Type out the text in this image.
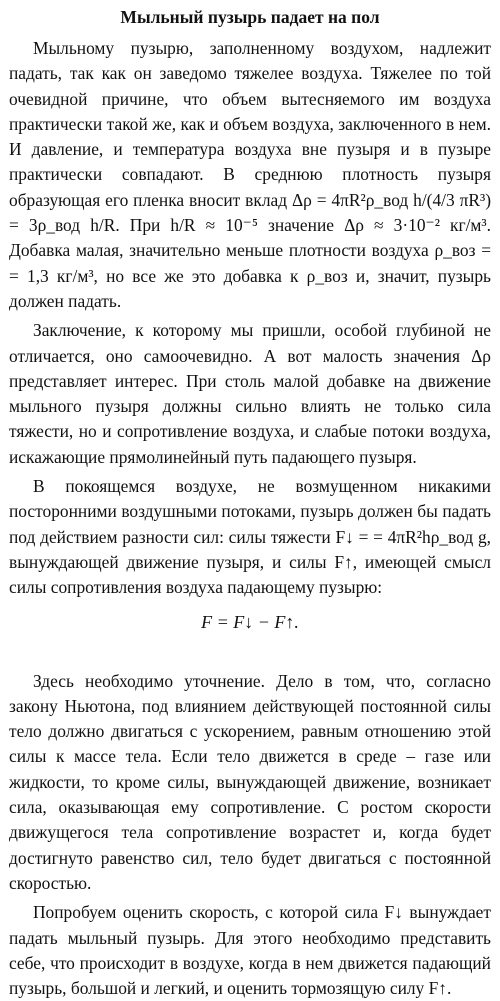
Мыльный пузырь падает на пол

Мыльному пузырю, заполненному воздухом, надлежит падать, так как он заведомо тяжелее воздуха. Тяжелее по той очевидной причине, что объем вытесняемого им воздуха практически такой же, как и объем воздуха, заключенного в нем. И давление, и температура воздуха вне пузыря и в пузыре практически совпадают. В среднюю плотность пузыря образующая его пленка вносит вклад Δρ = 4πR²ρ_вод h/(4/3 πR³) = 3ρ_вод h/R. При h/R ≈ 10⁻⁵ значение Δρ ≈ 3·10⁻² кг/м³. Добавка малая, значительно меньше плотности воздуха ρ_воз = = 1,3 кг/м³, но все же это добавка к ρ_воз и, значит, пузырь должен падать.

Заключение, к которому мы пришли, особой глубиной не отличается, оно самоочевидно. А вот малость значения Δρ представляет интерес. При столь малой добавке на движение мыльного пузыря должны сильно влиять не только сила тяжести, но и сопротивление воздуха, и слабые потоки воздуха, искажающие прямолинейный путь падающего пузыря.

В покоящемся воздухе, не возмущенном никакими посторонними воздушными потоками, пузырь должен бы падать под действием разности сил: силы тяжести F↓ = = 4πR²hρ_вод g, вынуждающей движение пузыря, и силы F↑, имеющей смысл силы сопротивления воздуха падающему пузырю:

F = F↓ − F↑.

Здесь необходимо уточнение. Дело в том, что, согласно закону Ньютона, под влиянием действующей постоянной силы тело должно двигаться с ускорением, равным отношению этой силы к массе тела. Если тело движется в среде – газе или жидкости, то кроме силы, вынуждающей движение, возникает сила, оказывающая ему сопротивление. С ростом скорости движущегося тела сопротивление возрастет и, когда будет достигнуто равенство сил, тело будет двигаться с постоянной скоростью.

Попробуем оценить скорость, с которой сила F↓ вынуждает падать мыльный пузырь. Для этого необходимо представить себе, что происходит в воздухе, когда в нем движется падающий пузырь, большой и легкий, и оценить тормозящую силу F↑.
